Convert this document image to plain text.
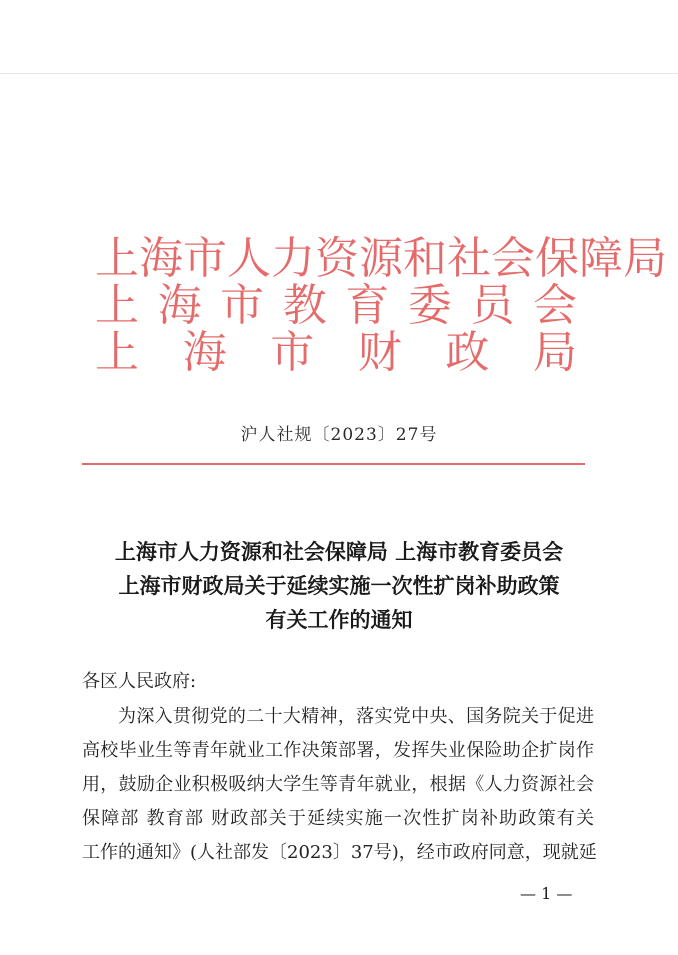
上 海 市 人 力 资 源 和 社 会 保 障 局
上 海 市 教 育 委 员 会
上 海 市 财 政 局
沪人社规〔2023〕27号
上海市人力资源和社会保障局 上海市教育委员会
上海市财政局关于延续实施一次性扩岗补助政策
有关工作的通知
各区人民政府:
为深入贯彻党的二十大精神，落实党中央、国务院关于促进
高校毕业生等青年就业工作决策部署，发挥失业保险助企扩岗作
用，鼓励企业积极吸纳大学生等青年就业，根据《人力资源社会
保障部 教育部 财政部关于延续实施一次性扩岗补助政策有关
工作的通知》(人社部发〔2023〕37号)，经市政府同意，现就延
— 1 —
